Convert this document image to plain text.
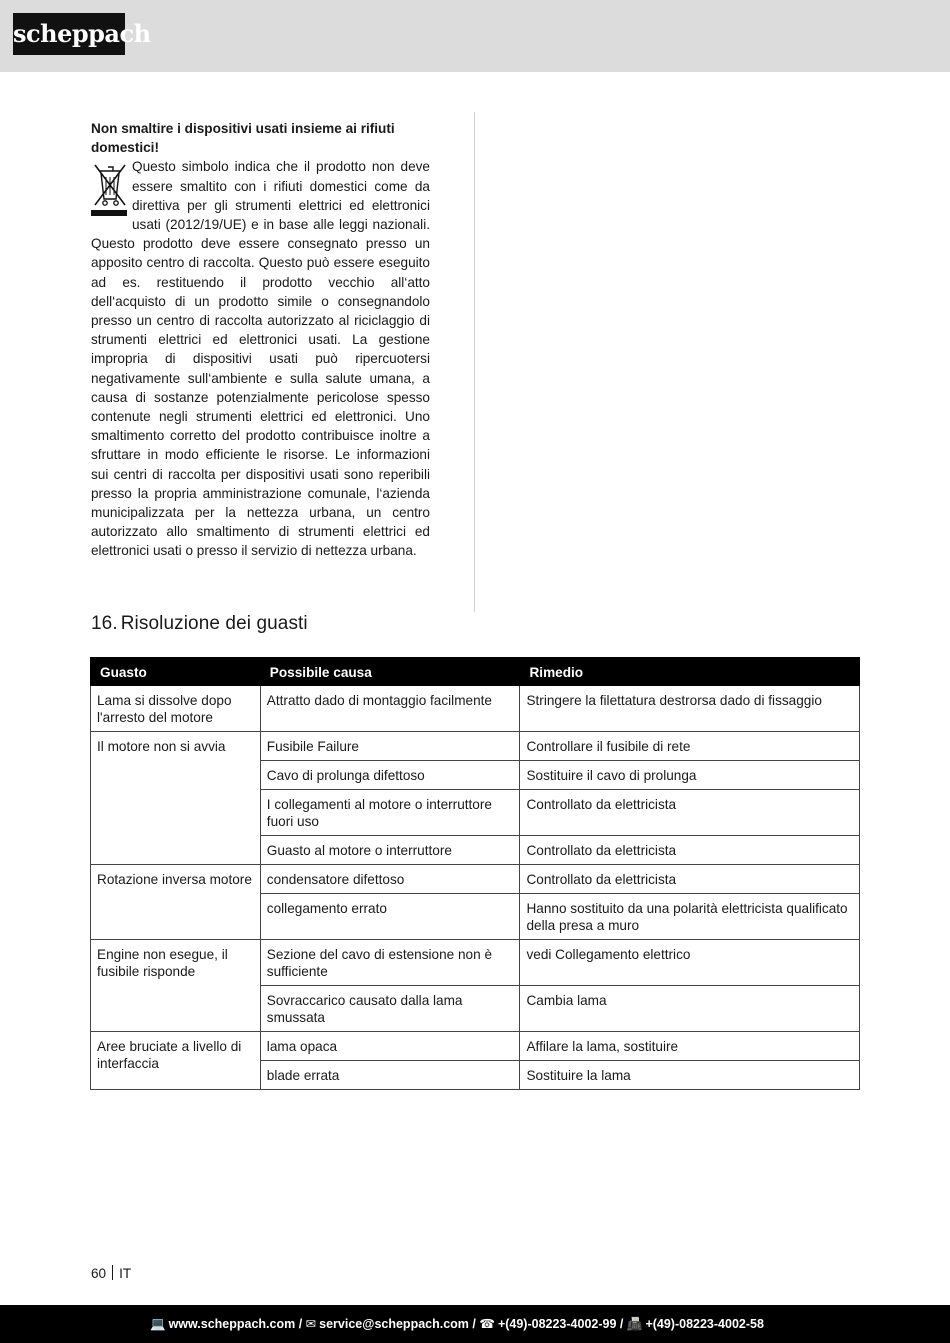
scheppach
Non smaltire i dispositivi usati insieme ai rifiuti domestici!
Questo simbolo indica che il prodotto non deve essere smaltito con i rifiuti domestici come da direttiva per gli strumenti elettrici ed elettronici usati (2012/19/UE) e in base alle leggi nazionali. Questo prodotto deve essere consegnato presso un apposito centro di raccolta. Questo può essere eseguito ad es. restituendo il prodotto vecchio all‘atto dell‘acquisto di un prodotto simile o consegnandolo presso un centro di raccolta autorizzato al riciclaggio di strumenti elettrici ed elettronici usati. La gestione impropria di dispositivi usati può ripercuotersi negativamente sull‘ambiente e sulla salute umana, a causa di sostanze potenzialmente pericolose spesso contenute negli strumenti elettrici ed elettronici. Uno smaltimento corretto del prodotto contribuisce inoltre a sfruttare in modo efficiente le risorse. Le informazioni sui centri di raccolta per dispositivi usati sono reperibili presso la propria amministrazione comunale, l‘azienda municipalizzata per la nettezza urbana, un centro autorizzato allo smaltimento di strumenti elettrici ed elettronici usati o presso il servizio di nettezza urbana.
16. Risoluzione dei guasti
Guasto	Possibile causa	Rimedio
Lama si dissolve dopo l'arresto del motore	Attratto dado di montaggio facilmente	Stringere la filettatura destrorsa dado di fissaggio
Il motore non si avvia	Fusibile Failure	Controllare il fusibile di rete
	Cavo di prolunga difettoso	Sostituire il cavo di prolunga
	I collegamenti al motore o interruttore fuori uso	Controllato da elettricista
	Guasto al motore o interruttore	Controllato da elettricista
Rotazione inversa motore	condensatore difettoso	Controllato da elettricista
	collegamento errato	Hanno sostituito da una polarità elettricista qualificato della presa a muro
Engine non esegue, il fusibile risponde	Sezione del cavo di estensione non è sufficiente	vedi Collegamento elettrico
	Sovraccarico causato dalla lama smussata	Cambia lama
Aree bruciate a livello di interfaccia	lama opaca	Affilare la lama, sostituire
	blade errata	Sostituire la lama
60 IT
💻 www.scheppach.com / ✉ service@scheppach.com / ☎ +(49)-08223-4002-99 / 📠 +(49)-08223-4002-58
